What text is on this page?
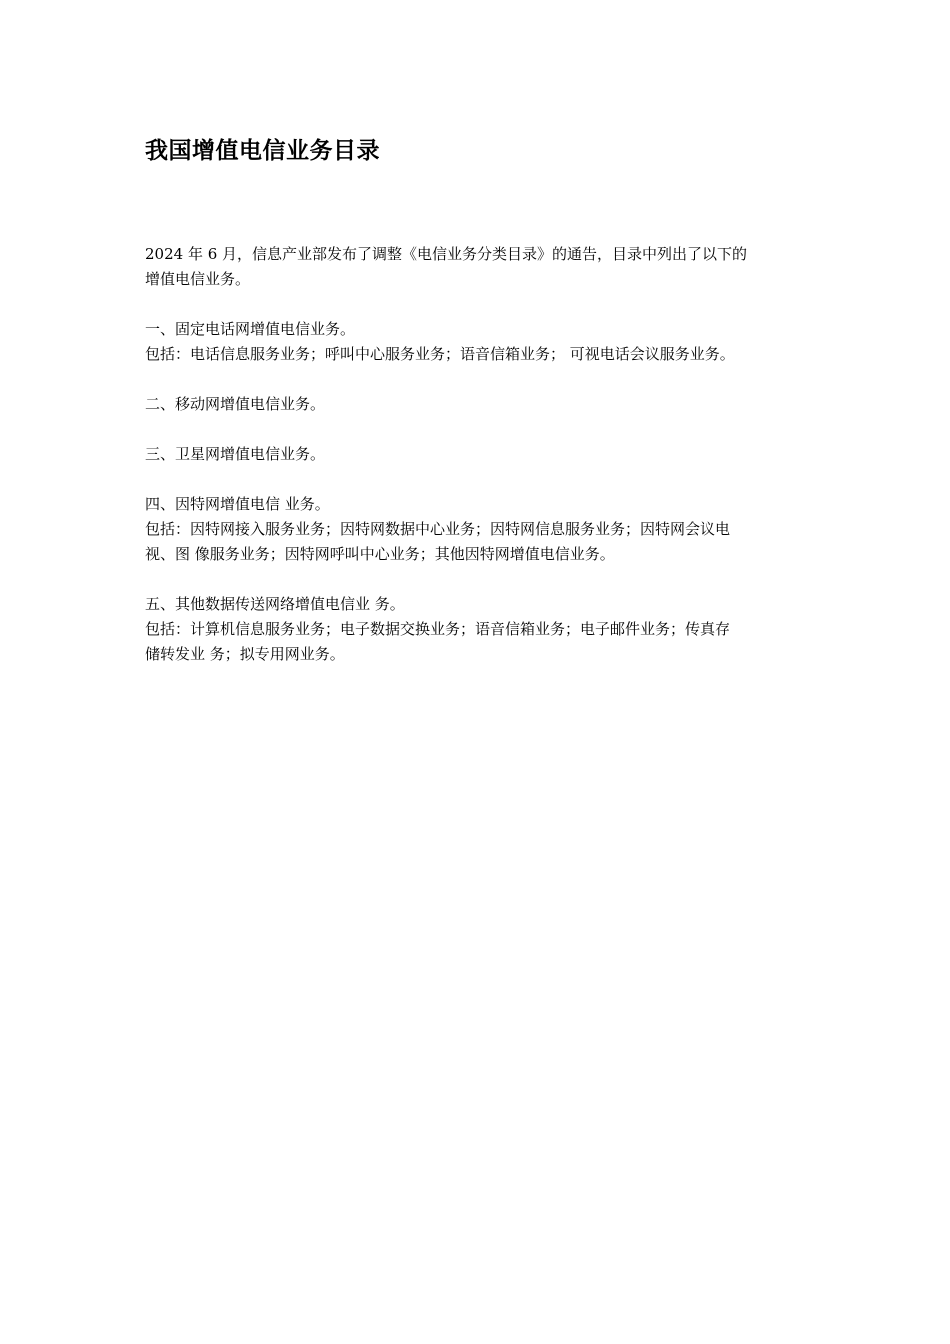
我国增值电信业务目录

2024 年 6 月，信息产业部发布了调整《电信业务分类目录》的通告，目录中列出了以下的
增值电信业务。

一、固定电话网增值电信业务。
包括：电话信息服务业务；呼叫中心服务业务；语音信箱业务； 可视电话会议服务业务。

二、移动网增值电信业务。

三、卫星网增值电信业务。

四、因特网增值电信 业务。
包括：因特网接入服务业务；因特网数据中心业务；因特网信息服务业务；因特网会议电
视、图 像服务业务；因特网呼叫中心业务；其他因特网增值电信业务。

五、其他数据传送网络增值电信业 务。
包括：计算机信息服务业务；电子数据交换业务；语音信箱业务；电子邮件业务；传真存
储转发业 务；拟专用网业务。
